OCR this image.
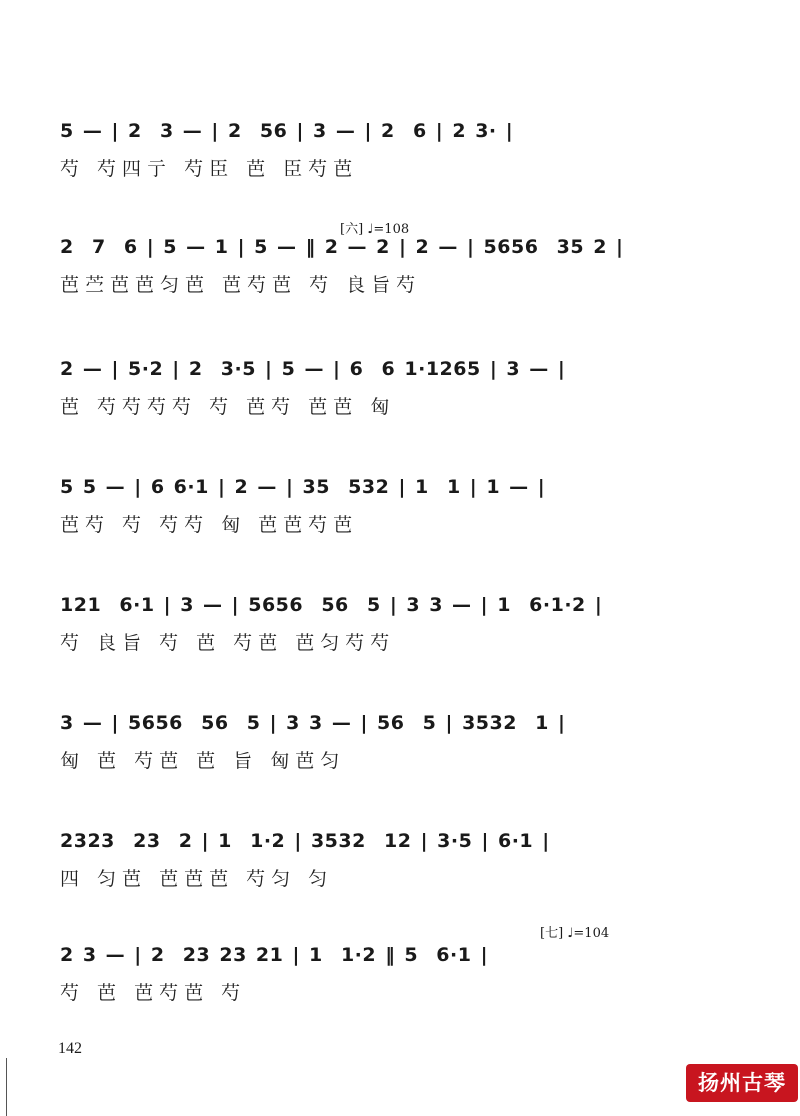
5 — | 2  3 — | 2  56 | 3 — | 2  6 | 2 3· |
芍 芍四亍 芍臣 芭 臣芍芭
[六] ♩=108
2  7  6 | 5 — 1 | 5 — ‖ 2 — 2 | 2 — | 5656  35 2 |
芭苎芭芭匀芭 芭芍芭 芍 良旨芍
2 — | 5·2 | 2  3·5 | 5 — | 6  6 1·1265 | 3 — |
芭 芍芍芍芍 芍 芭芍 芭芭 匈
5 5 — | 6 6·1 | 2 — | 35  532 | 1  1 | 1 — |
芭芍 芍 芍芍 匈 芭芭芍芭
121  6·1 | 3 — | 5656  56  5 | 3 3 — | 1  6·1·2 |
芍 良旨 芍 芭 芍芭 芭匀芍芍
3 — | 5656  56  5 | 3 3 — | 56  5 | 3532  1 |
匈 芭 芍芭 芭 旨 匈芭匀
2323  23  2 | 1  1·2 | 3532  12 | 3·5 | 6·1 |
四 匀芭 芭芭芭 芍匀 匀
[七] ♩=104
2 3 — | 2  23 23 21 | 1  1·2 ‖ 5  6·1 |
芍 芭 芭芍芭 芍
142
扬州古琴
